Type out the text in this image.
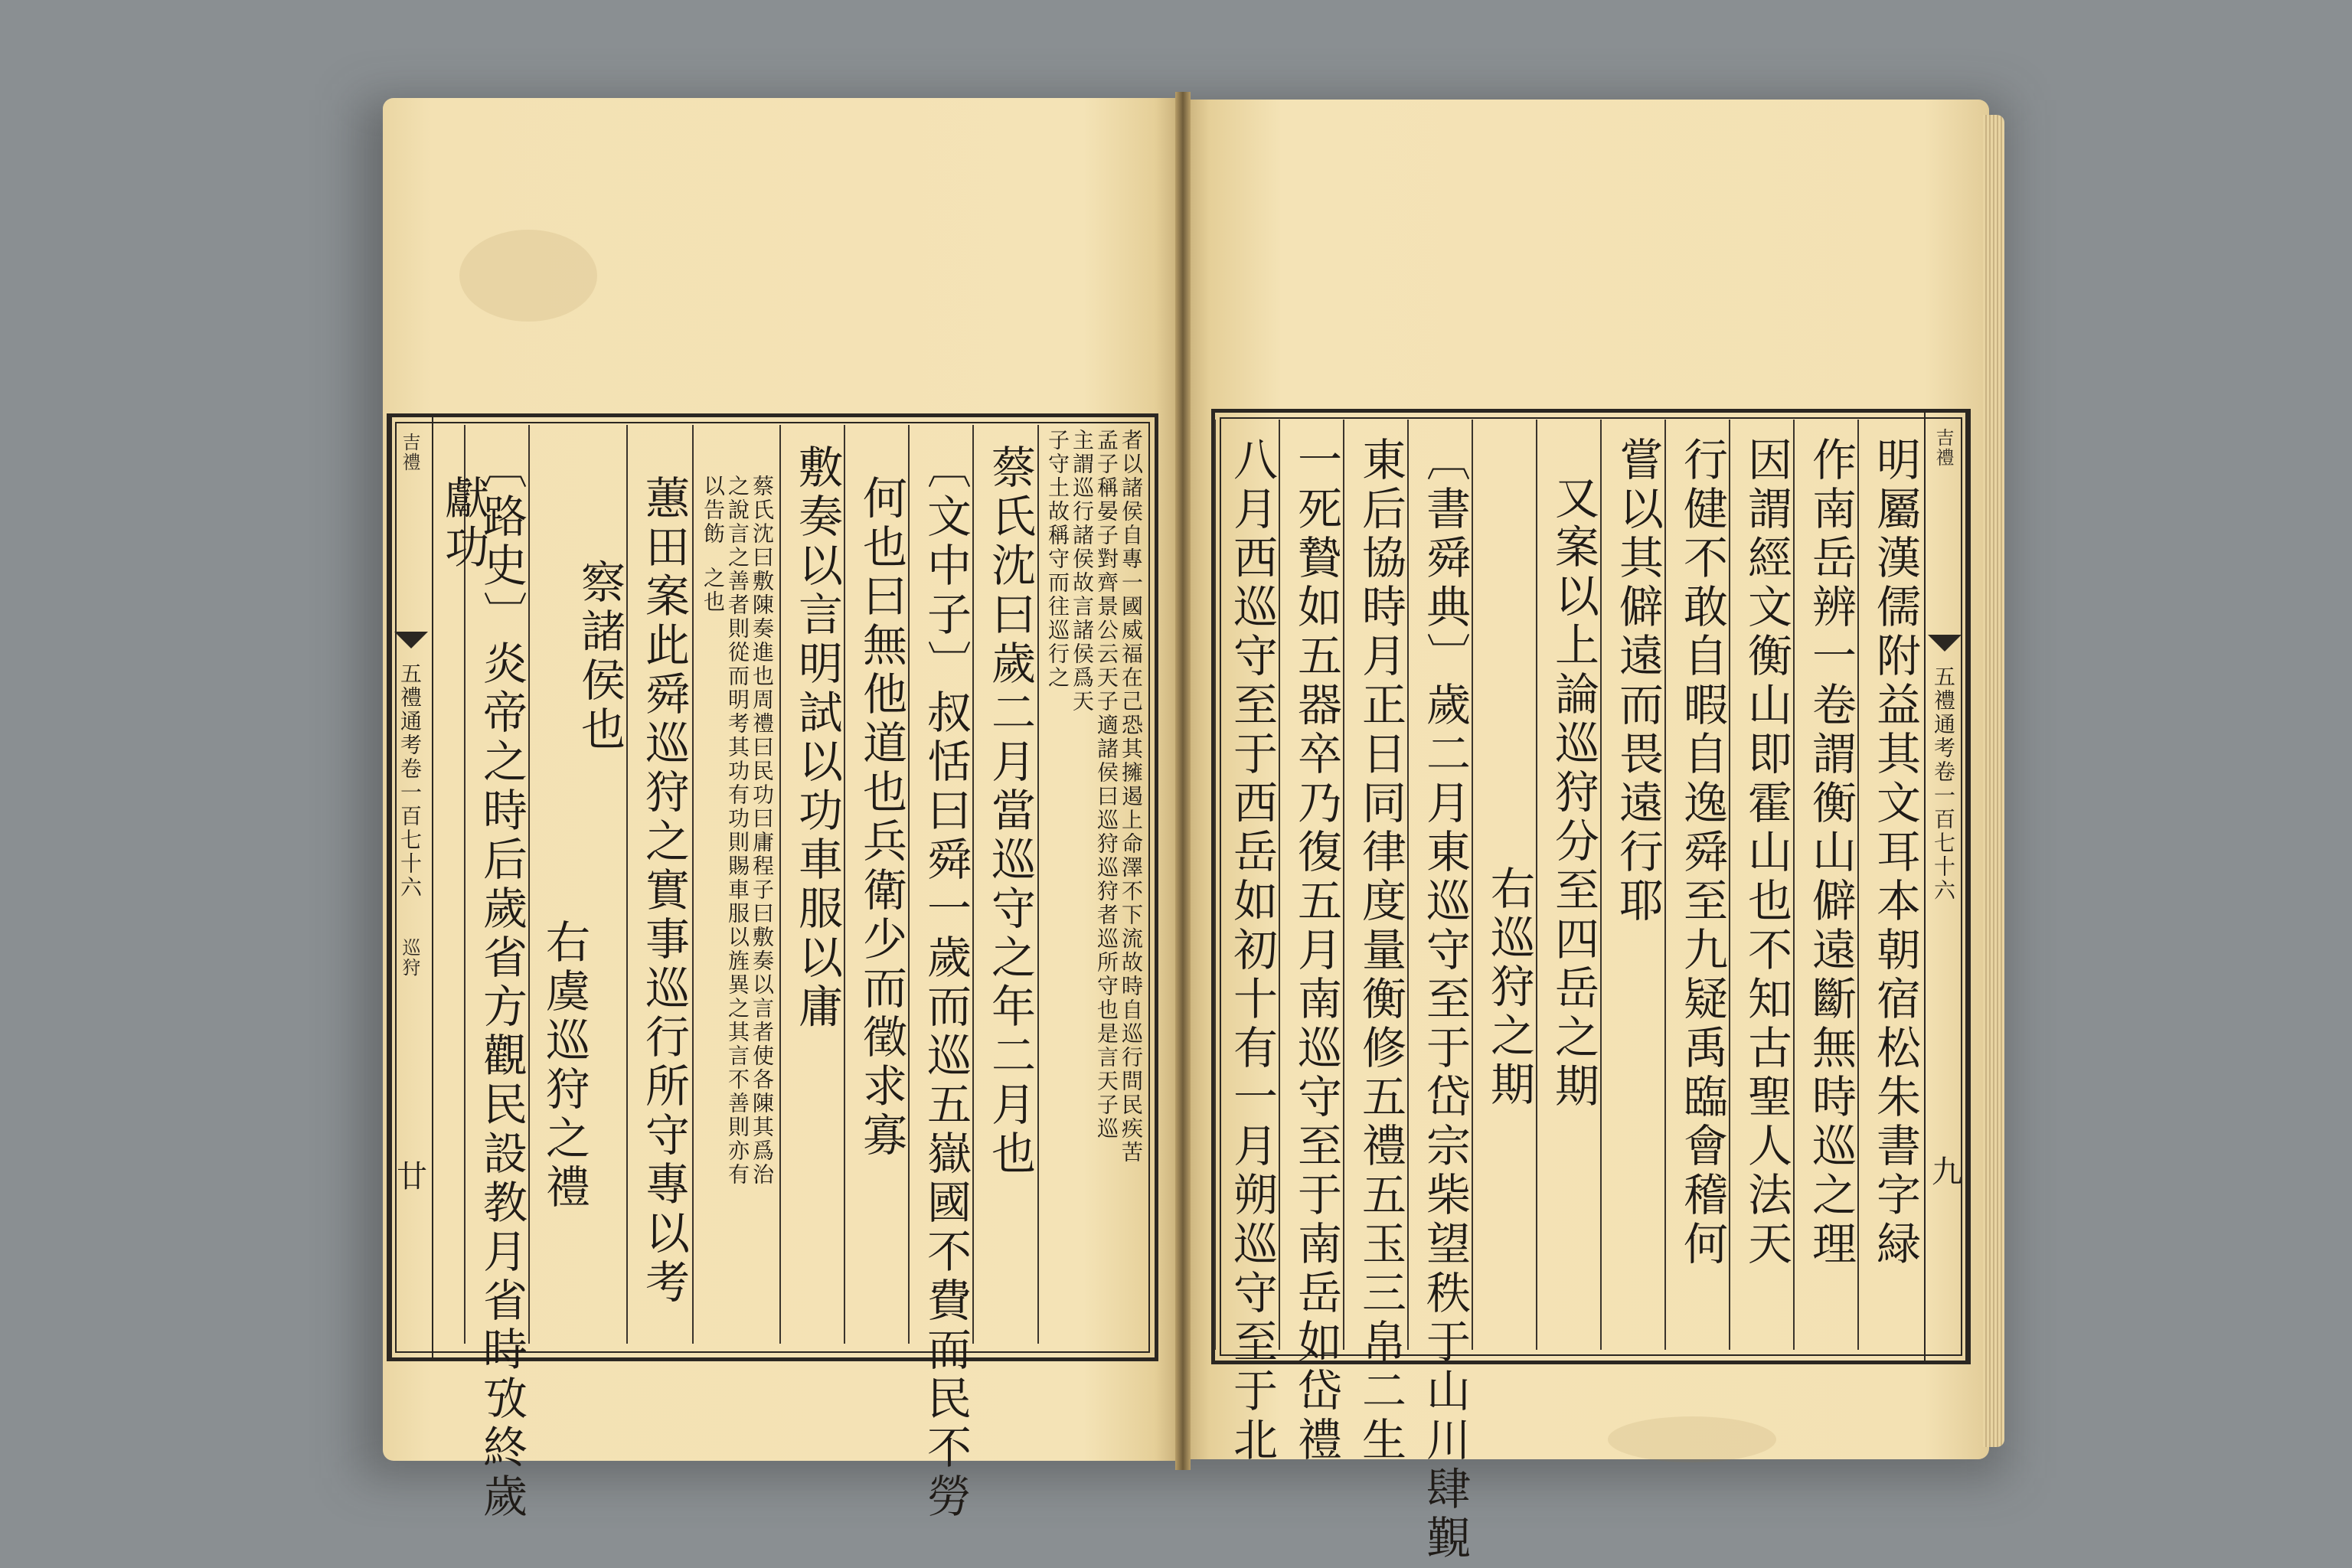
吉禮
五禮通考卷一百七十六
巡狩
廿
者以諸侯自專一國威福在己恐其擁遏上命澤不下流故時自巡行問民疾苦
孟子稱晏子對齊景公云天子適諸侯曰巡狩巡狩者巡所守也是言天子巡
主謂巡行諸侯故言諸侯爲天
子守土故稱守而往巡行之
蔡氏沈曰歲二月當巡守之年二月也
〔文中子〕叔恬曰舜一歲而巡五嶽國不費而民不勞
何也曰無他道也兵衛少而徵求寡
敷奏以言明試以功車服以庸
蔡氏沈曰敷陳奏進也周禮曰民功曰庸程子曰敷奏以言者使各陳其爲治
之說言之善者則從而明考其功有功則賜車服以旌異之其言不善則亦有
以告飭
之也
蕙田案此舜巡狩之實事巡行所守專以考
察諸侯也
右虞巡狩之禮
〔路史〕炎帝之時后歲省方觀民設教月省時攷終歲
獻功
吉禮
五禮通考卷一百七十六
九
明屬漢儒附益其文耳本朝宿松朱書字緑
作南岳辨一卷謂衡山僻遠斷無時巡之理
因謂經文衡山即霍山也不知古聖人法天
行健不敢自暇自逸舜至九疑禹臨會稽何
嘗以其僻遠而畏遠行耶
又案以上論巡狩分至四岳之期
右巡狩之期
〔書舜典〕歲二月東巡守至于岱宗柴望秩于山川肆覲
東后協時月正日同律度量衡修五禮五玉三帛二生
一死贄如五器卒乃復五月南巡守至于南岳如岱禮
八月西巡守至于西岳如初十有一月朔巡守至于北
